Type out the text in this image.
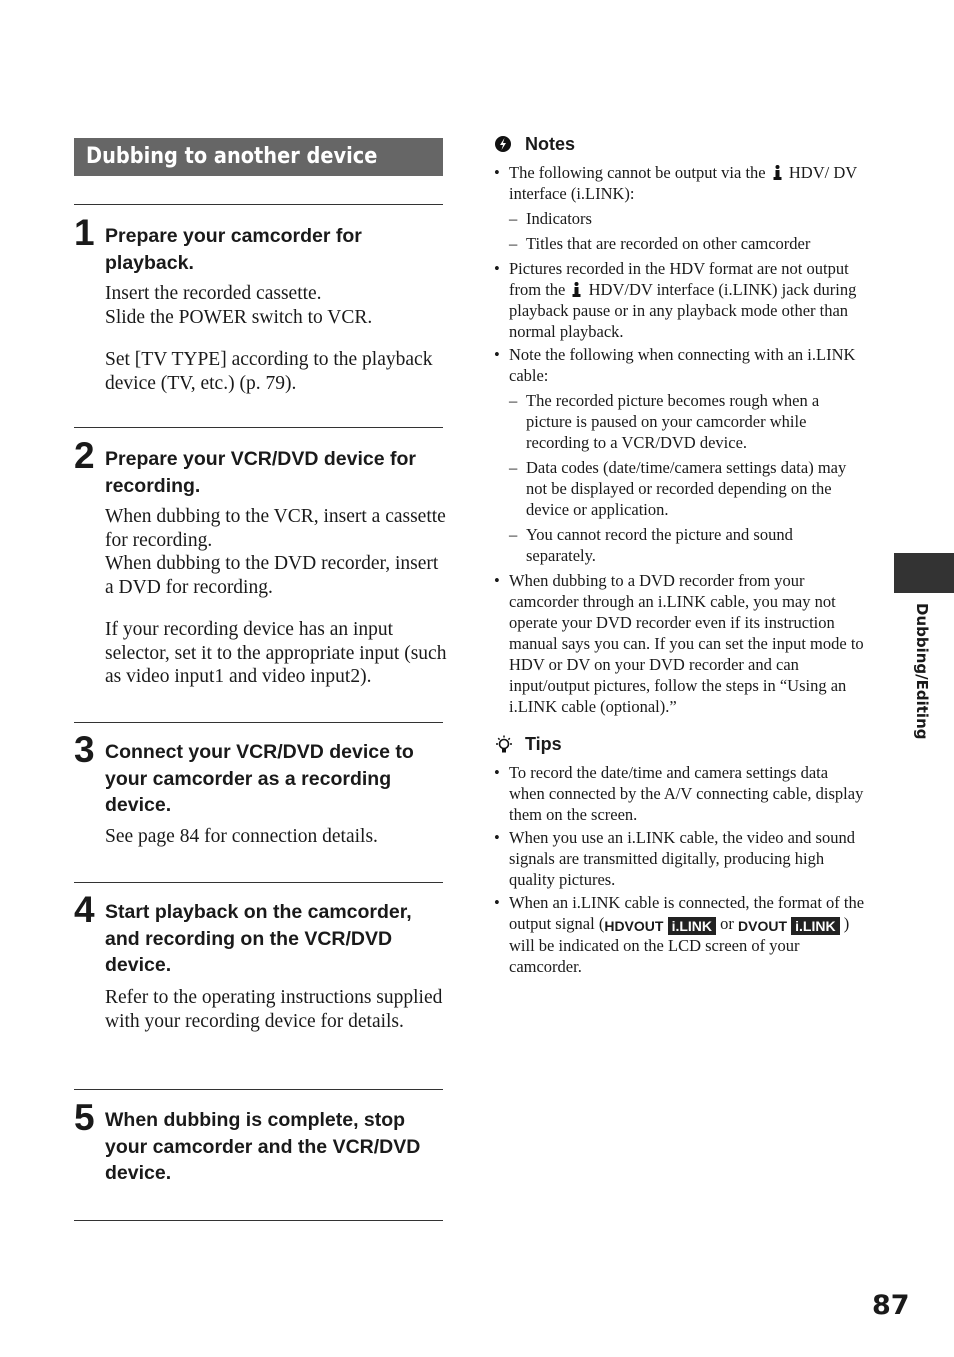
Dubbing to another device
1 Prepare your camcorder for playback.

Insert the recorded cassette.

Slide the POWER switch to VCR.

Set [TV TYPE] according to the playback device (TV, etc.) (p. 79).

2 Prepare your VCR/DVD device for recording.

When dubbing to the VCR, insert a cassette for recording.

When dubbing to the DVD recorder, insert a DVD for recording.

If your recording device has an input selector, set it to the appropriate input (such as video input1 and video input2).

3 Connect your VCR/DVD device to your camcorder as a recording device.

See page 84 for connection details.

4 Start playback on the camcorder, and recording on the VCR/DVD device.

Refer to the operating instructions supplied with your recording device for details.

5 When dubbing is complete, stop your camcorder and the VCR/DVD device.
Notes
• The following cannot be output via the HDV/ DV interface (i.LINK):
– Indicators
– Titles that are recorded on other camcorder
• Pictures recorded in the HDV format are not output from the HDV/DV interface (i.LINK) jack during playback pause or in any playback mode other than normal playback.
• Note the following when connecting with an i.LINK cable:
– The recorded picture becomes rough when a picture is paused on your camcorder while recording to a VCR/DVD device.
– Data codes (date/time/camera settings data) may not be displayed or recorded depending on the device or application.
– You cannot record the picture and sound separately.
• When dubbing to a DVD recorder from your camcorder through an i.LINK cable, you may not operate your DVD recorder even if its instruction manual says you can. If you can set the input mode to HDV or DV on your DVD recorder and can input/output pictures, follow the steps in “Using an i.LINK cable (optional).”
Tips
• To record the date/time and camera settings data when connected by the A/V connecting cable, display them on the screen.
• When you use an i.LINK cable, the video and sound signals are transmitted digitally, producing high quality pictures.
• When an i.LINK cable is connected, the format of the output signal (HDVOUT i.LINK or DVOUT i.LINK ) will be indicated on the LCD screen of your camcorder.
Dubbing/Editing
87
